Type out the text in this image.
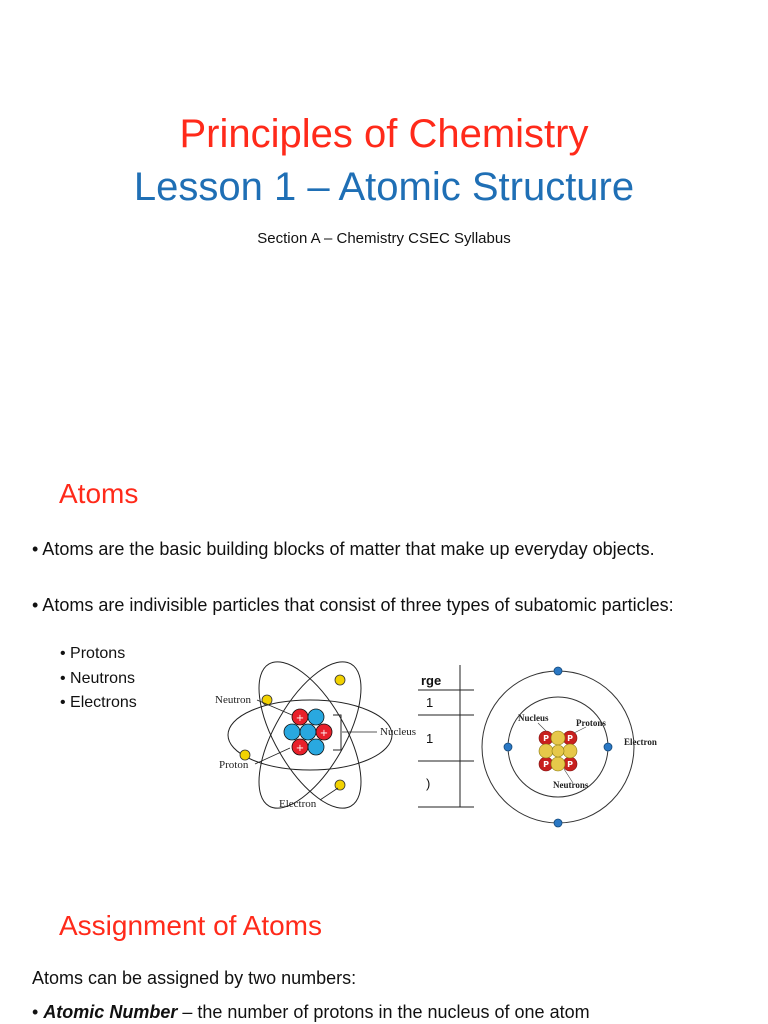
Principles of Chemistry
Lesson 1 – Atomic Structure
Section A – Chemistry CSEC Syllabus
Atoms
• Atoms are the basic building blocks of matter that make up everyday objects.
• Atoms are indivisible particles that consist of three types of subatomic particles:
• Protons
• Neutrons
• Electrons
+
+
+
Neutron
Proton
Electron
Nucleus
rge
1
1
)
P P
P P
Nucleus	Protons
Electron
Neutrons
Assignment of Atoms
Atoms can be assigned by two numbers:
• Atomic Number – the number of protons in the nucleus of one atom
